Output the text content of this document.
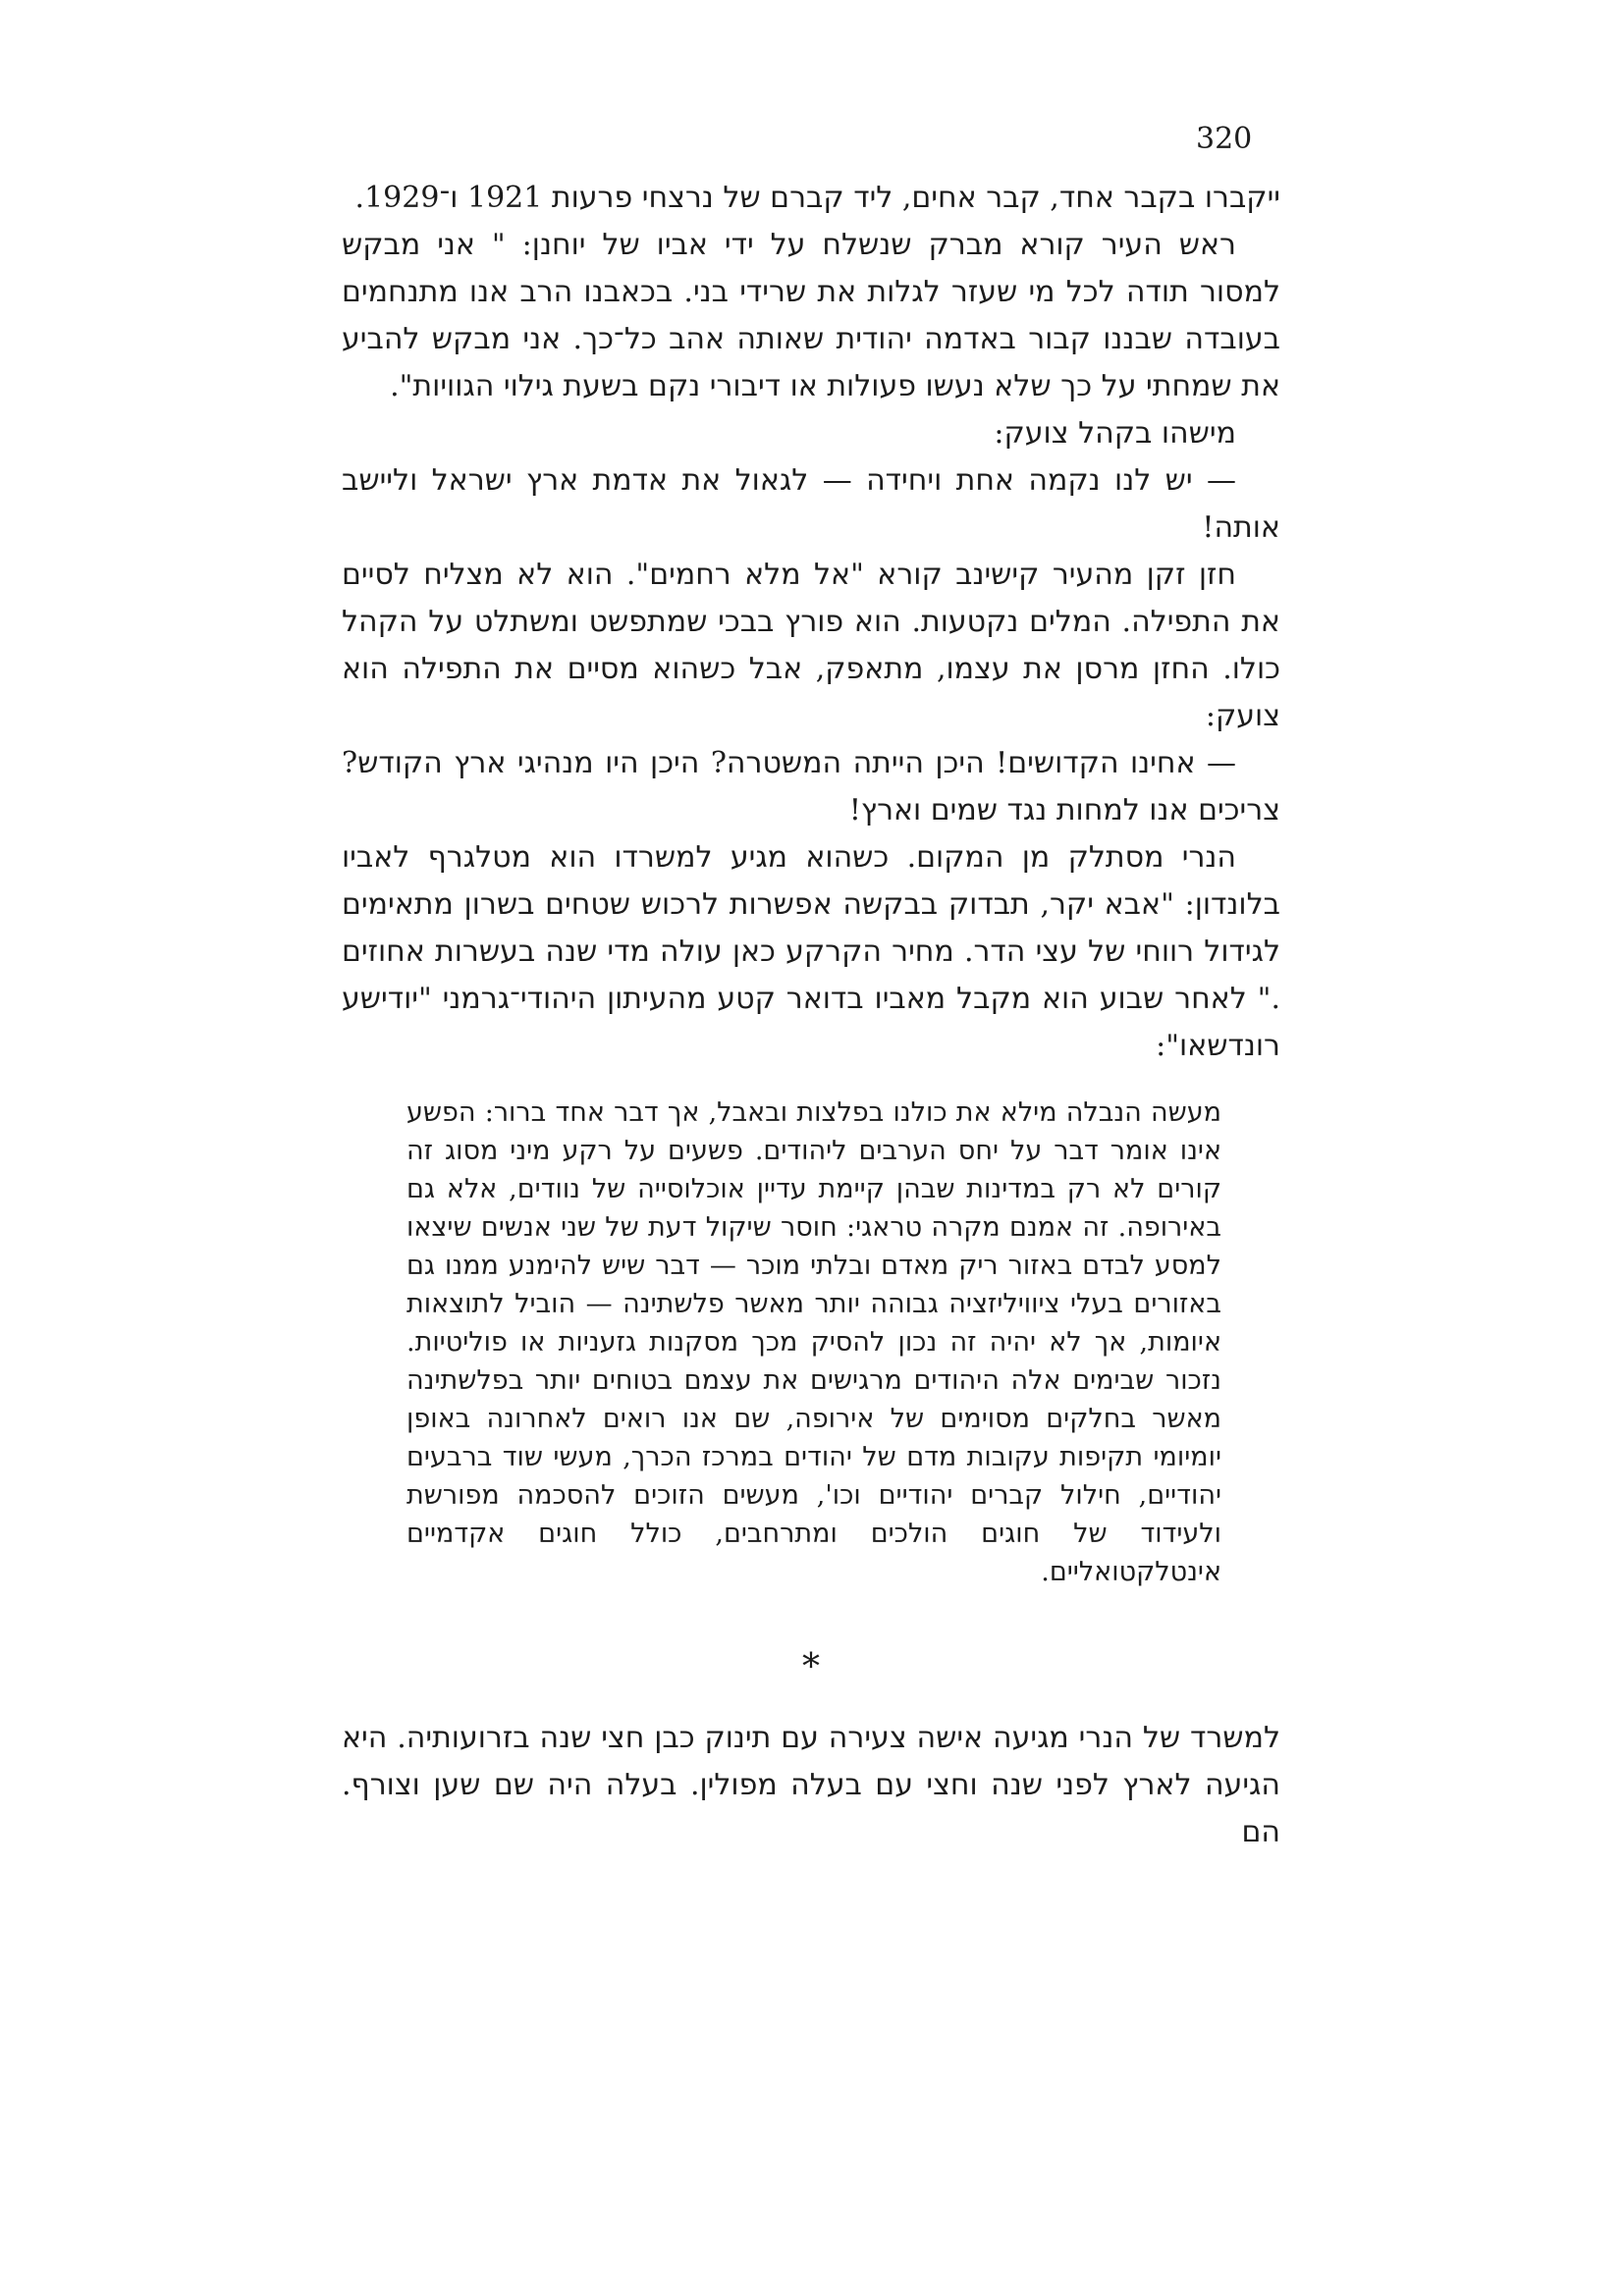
320

ייקברו בקבר אחד, קבר אחים, ליד קברם של נרצחי פרעות 1921 ו־1929.

ראש העיר קורא מברק שנשלח על ידי אביו של יוחנן: " אני מבקש למסור תודה לכל מי שעזר לגלות את שרידי בני. בכאבנו הרב אנו מתנחמים בעובדה שבננו קבור באדמה יהודית שאותה אהב כל־כך. אני מבקש להביע את שמחתי על כך שלא נעשו פעולות או דיבורי נקם בשעת גילוי הגוויות".

מישהו בקהל צועק:

— יש לנו נקמה אחת ויחידה — לגאול את אדמת ארץ ישראל וליישב אותה!

חזן זקן מהעיר קישינב קורא "אל מלא רחמים". הוא לא מצליח לסיים את התפילה. המלים נקטעות. הוא פורץ בבכי שמתפשט ומשתלט על הקהל כולו. החזן מרסן את עצמו, מתאפק, אבל כשהוא מסיים את התפילה הוא צועק:

— אחינו הקדושים! היכן הייתה המשטרה? היכן היו מנהיגי ארץ הקודש? צריכים אנו למחות נגד שמים וארץ!

הנרי מסתלק מן המקום. כשהוא מגיע למשרדו הוא מטלגרף לאביו בלונדון: "אבא יקר, תבדוק בבקשה אפשרות לרכוש שטחים בשרון מתאימים לגידול רווחי של עצי הדר. מחיר הקרקע כאן עולה מדי שנה בעשרות אחוזים ." לאחר שבוע הוא מקבל מאביו בדואר קטע מהעיתון היהודי־גרמני "יודישע רונדשאו":

מעשה הנבלה מילא את כולנו בפלצות ובאבל, אך דבר אחד ברור: הפשע אינו אומר דבר על יחס הערבים ליהודים. פשעים על רקע מיני מסוג זה קורים לא רק במדינות שבהן קיימת עדיין אוכלוסייה של נוודים, אלא גם באירופה. זה אמנם מקרה טראגי: חוסר שיקול דעת של שני אנשים שיצאו למסע לבדם באזור ריק מאדם ובלתי מוכר — דבר שיש להימנע ממנו גם באזורים בעלי ציוויליזציה גבוהה יותר מאשר פלשתינה — הוביל לתוצאות איומות, אך לא יהיה זה נכון להסיק מכך מסקנות גזעניות או פוליטיות. נזכור שבימים אלה היהודים מרגישים את עצמם בטוחים יותר בפלשתינה מאשר בחלקים מסוימים של אירופה, שם אנו רואים לאחרונה באופן יומיומי תקיפות עקובות מדם של יהודים במרכז הכרך, מעשי שוד ברבעים יהודיים, חילול קברים יהודיים וכו', מעשים הזוכים להסכמה מפורשת ולעידוד של חוגים הולכים ומתרחבים, כולל חוגים אקדמיים אינטלקטואליים.
*

למשרד של הנרי מגיעה אישה צעירה עם תינוק כבן חצי שנה בזרועותיה. היא הגיעה לארץ לפני שנה וחצי עם בעלה מפולין. בעלה היה שם שען וצורף. הם
